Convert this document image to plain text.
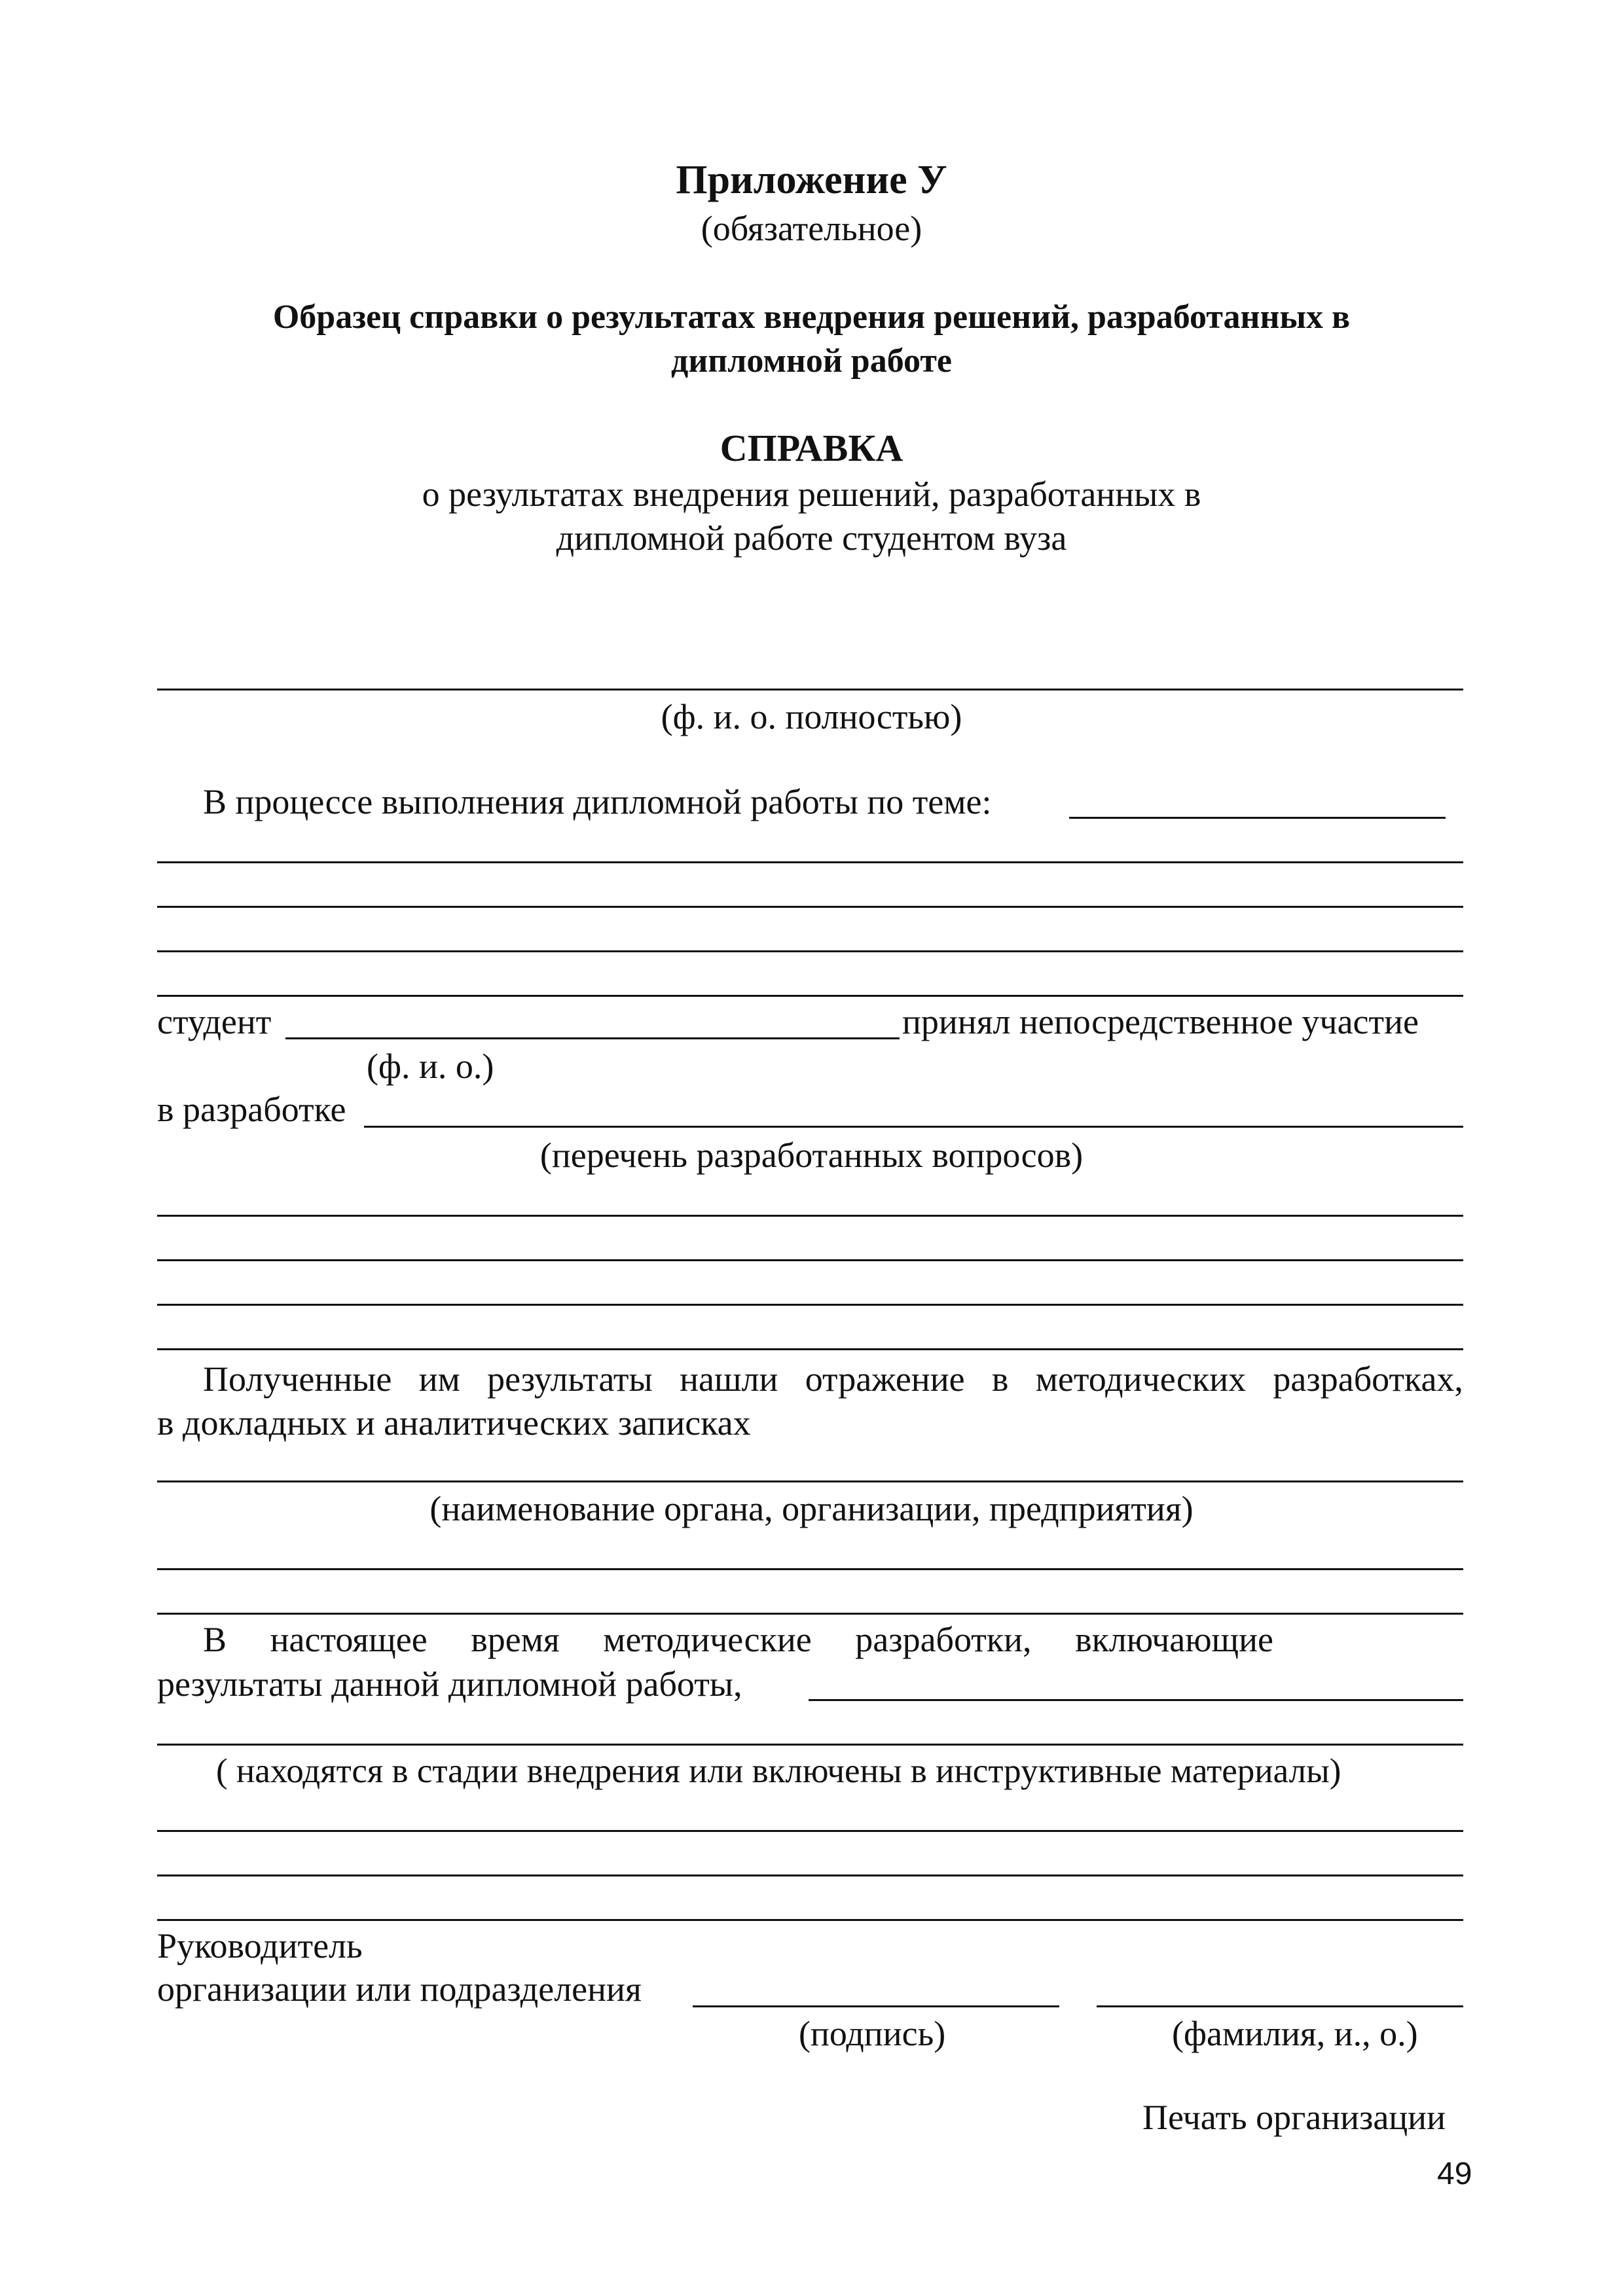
Приложение У
(обязательное)
Образец справки о результатах внедрения решений, разработанных в
дипломной работе
СПРАВКА
о результатах внедрения решений, разработанных в
дипломной работе студентом вуза
(ф. и. о. полностью)
В процессе выполнения дипломной работы по теме:
студент	принял непосредственное участие
(ф. и. о.)
в разработке
(перечень разработанных вопросов)
Полученные им результаты нашли отражение в методических разработках,
в докладных и аналитических записках
(наименование органа, организации, предприятия)
В настоящее время методические разработки, включающие
результаты данной дипломной работы,
( находятся в стадии внедрения или включены в инструктивные материалы)
Руководитель
организации или подразделения
(подпись)	(фамилия, и., о.)
Печать организации
49
